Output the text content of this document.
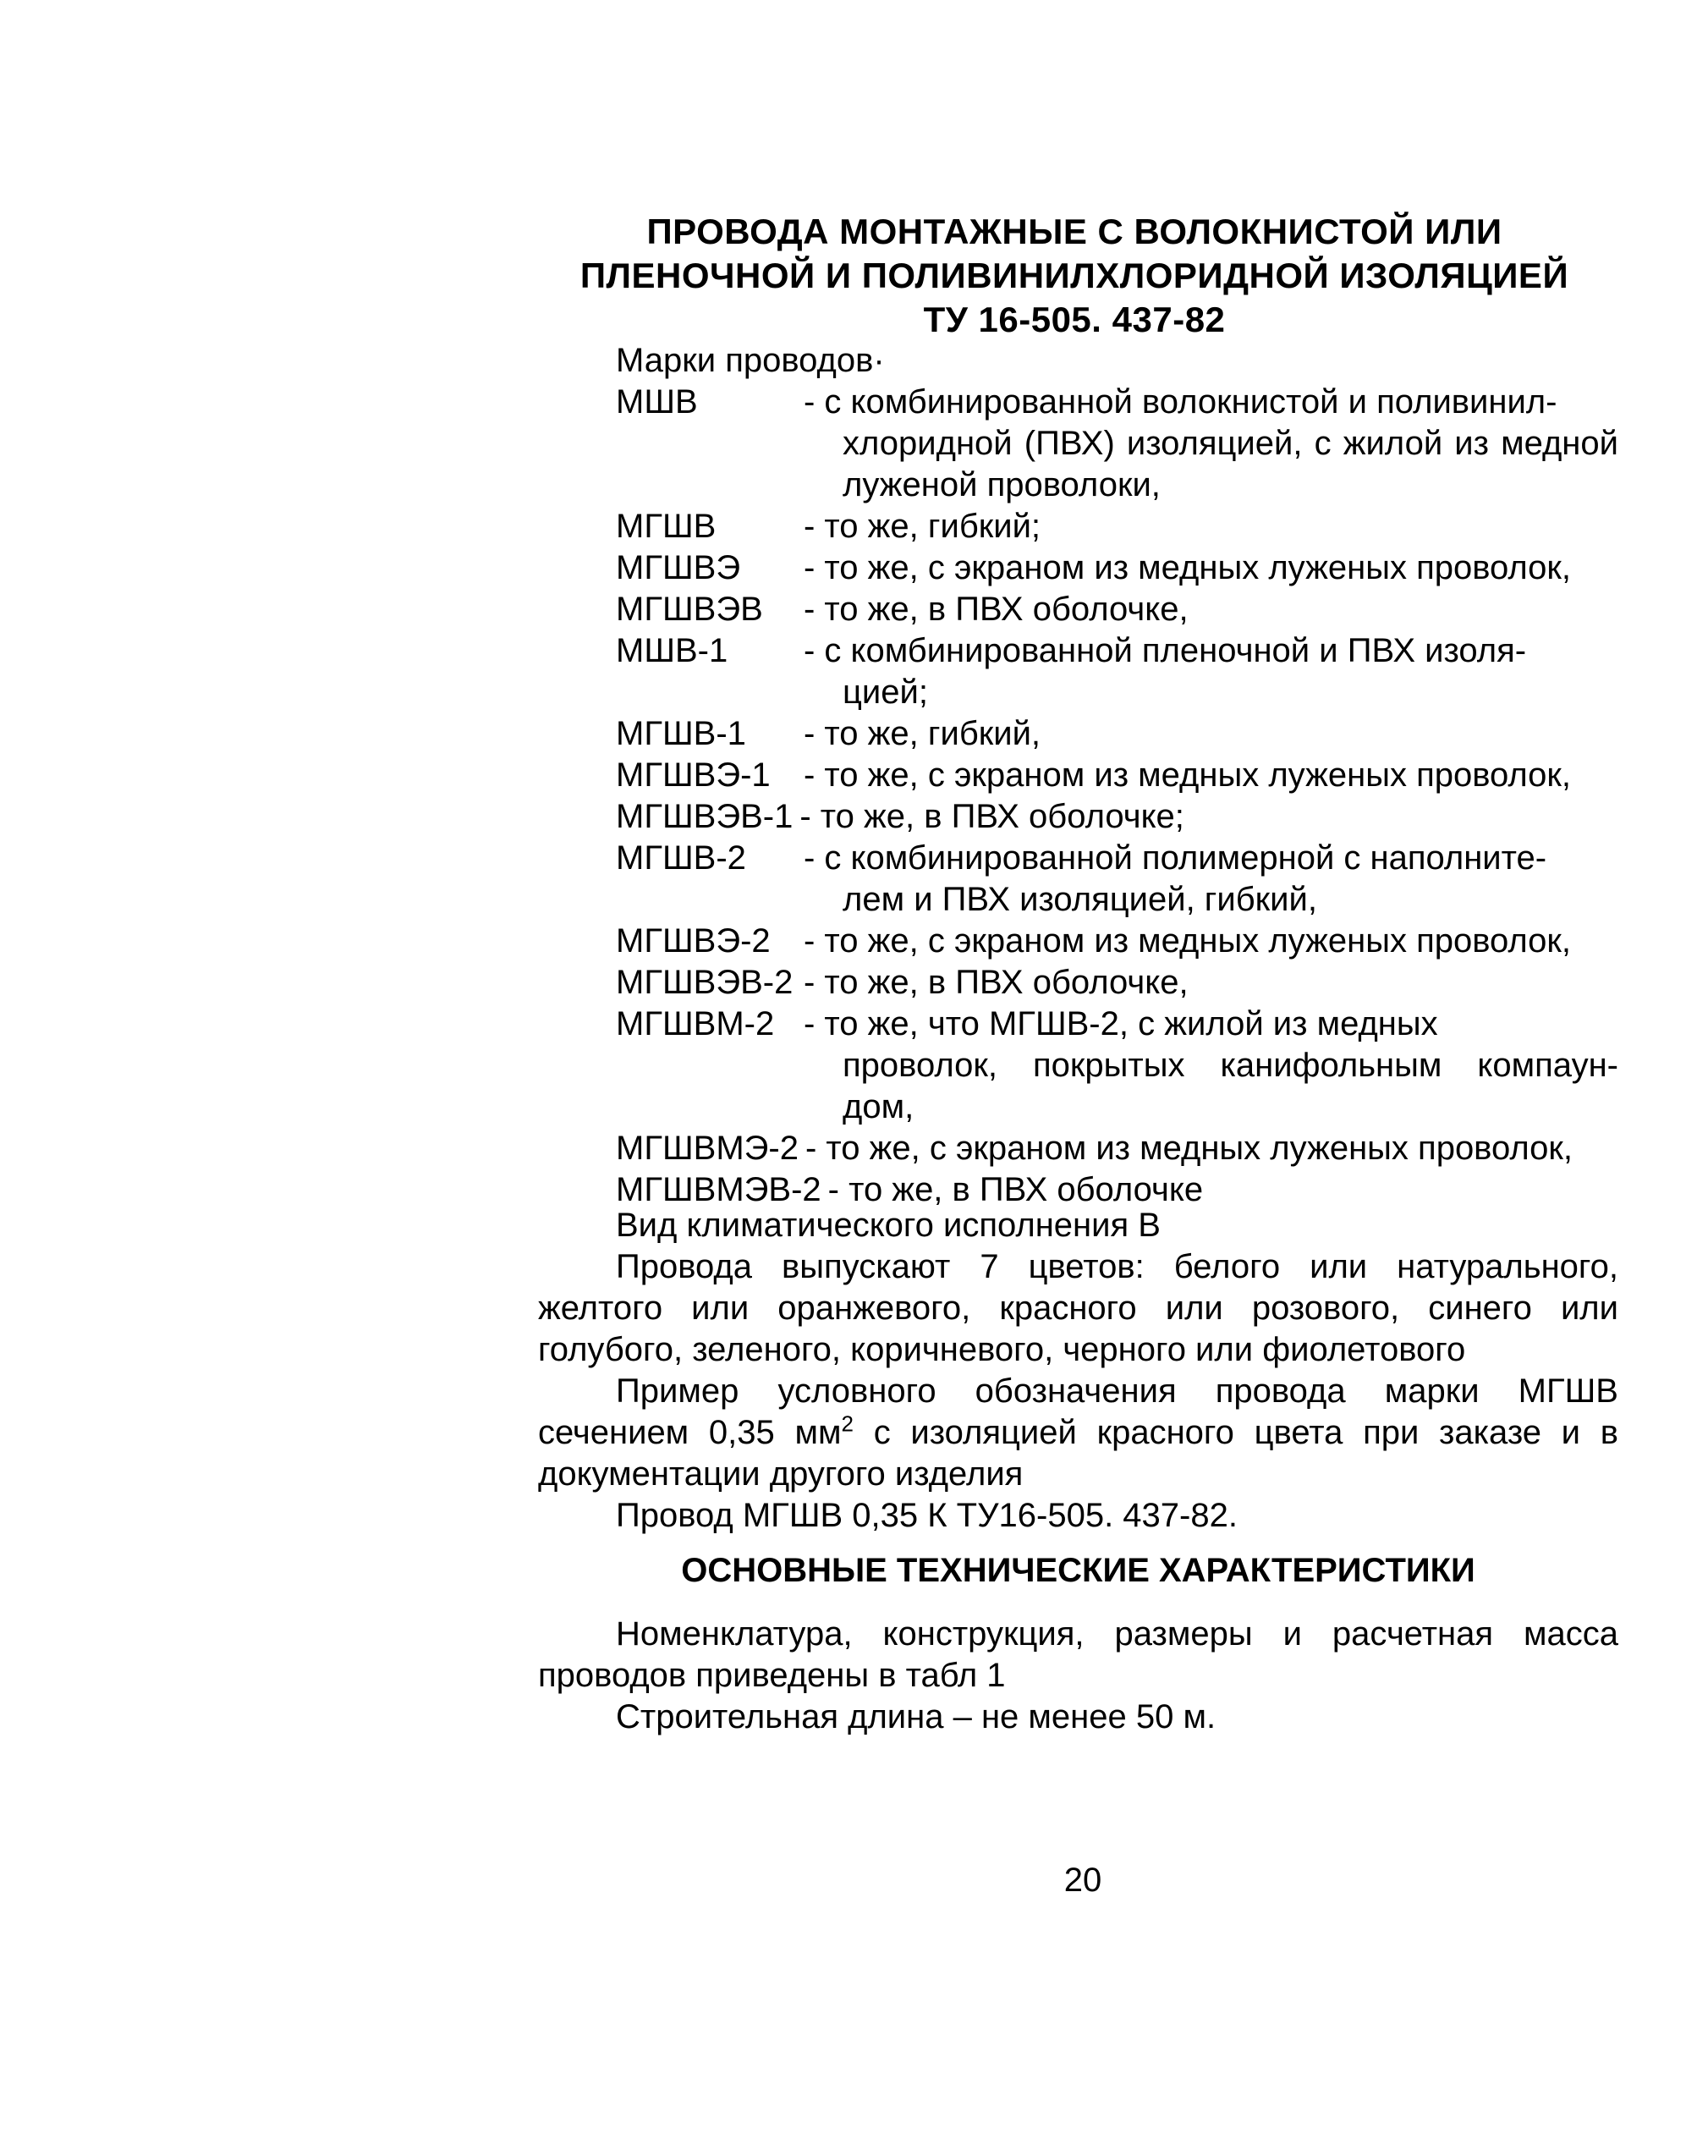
ПРОВОДА МОНТАЖНЫЕ С ВОЛОКНИСТОЙ ИЛИ
ПЛЕНОЧНОЙ И ПОЛИВИНИЛХЛОРИДНОЙ ИЗОЛЯЦИЕЙ
ТУ 16-505. 437-82
Марки проводов·
МШВ	- с комбинированной волокнистой и поливинил-
хлоридной (ПВХ) изоляцией, с жилой из медной луженой проволоки,
МГШВ	- то же, гибкий;
МГШВЭ	- то же, с экраном из медных луженых проволок,
МГШВЭВ	- то же, в ПВХ оболочке,
МШВ-1	- с комбинированной пленочной и ПВХ изоля-
цией;
МГШВ-1	- то же, гибкий,
МГШВЭ-1 - то же, с экраном из медных луженых проволок,
МГШВЭВ-1 - то же, в ПВХ оболочке;
МГШВ-2	- с комбинированной полимерной с наполните-
лем и ПВХ изоляцией, гибкий,
МГШВЭ-2 - то же, с экраном из медных луженых проволок,
МГШВЭВ-2 - то же, в ПВХ оболочке,
МГШВМ-2 - то же, что МГШВ-2, с жилой из медных
проволок, покрытых канифольным компаун- дом,
МГШВМЭ-2 - то же, с экраном из медных луженых проволок,
МГШВМЭВ-2 - то же, в ПВХ оболочке
Вид климатического исполнения В
Провода выпускают 7 цветов: белого или натурального, желтого или оранжевого, красного или розового, синего или голубого, зеленого, коричневого, черного или фиолетового
Пример условного обозначения провода марки МГШВ сечением 0,35 $мм^2$ с изоляцией красного цвета при заказе и в документации другого изделия
Провод МГШВ 0,35 К ТУ16-505. 437-82.
ОСНОВНЫЕ ТЕХНИЧЕСКИЕ ХАРАКТЕРИСТИКИ
Номенклатура, конструкция, размеры и расчетная масса проводов приведены в табл 1
Строительная длина – не менее 50 м.
20
